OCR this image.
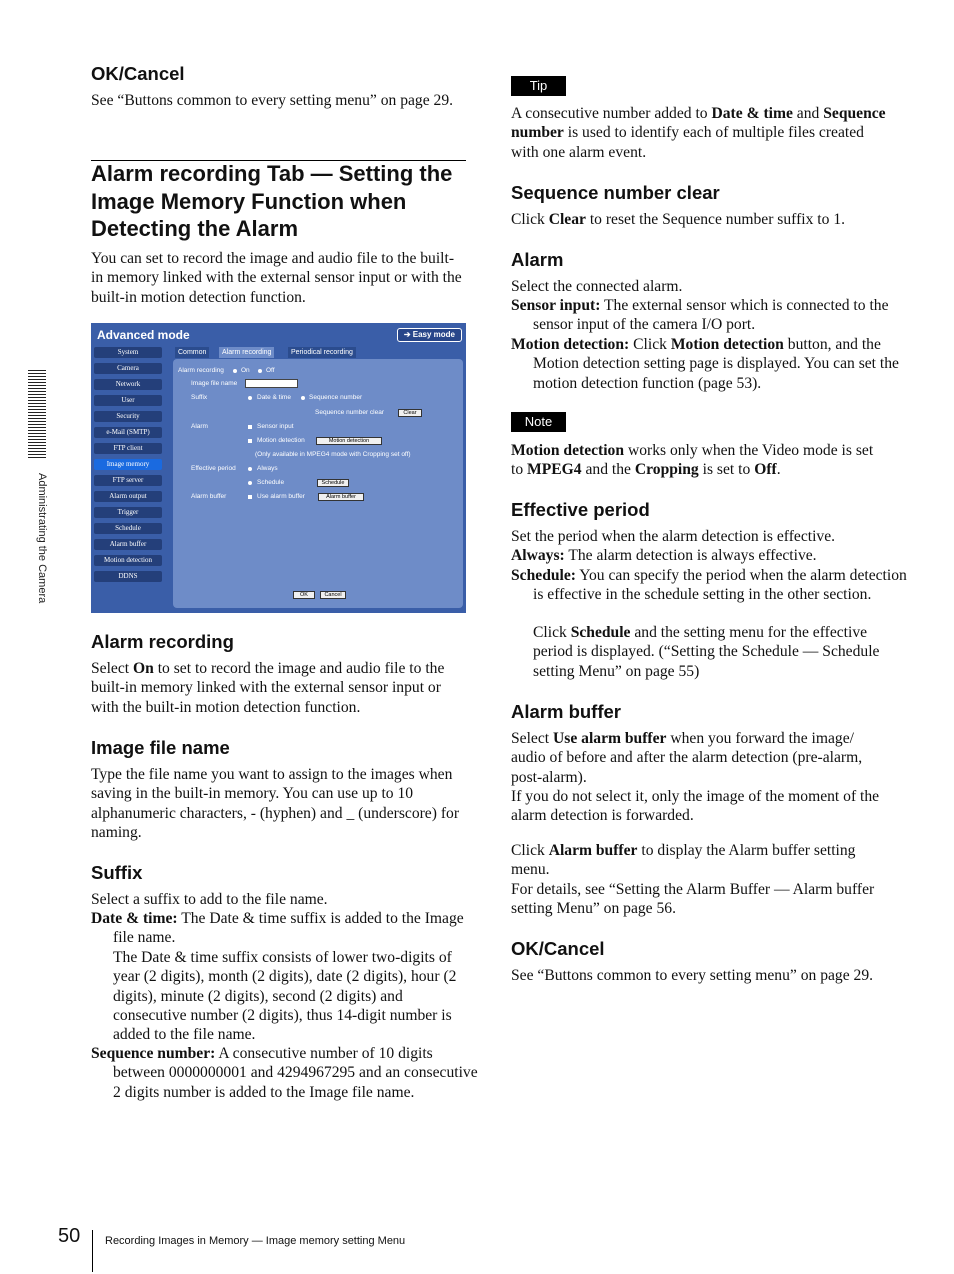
Administrating the Camera
OK/Cancel

See “Buttons common to every setting menu” on page 29.

Alarm recording Tab — Setting the Image Memory Function when Detecting the Alarm

You can set to record the image and audio file to the built-in memory linked with the external sensor input or with the built-in motion detection function.

Alarm recording

Select On to set to record the image and audio file to the built-in memory linked with the external sensor input or with the built-in motion detection function.

Image file name

Type the file name you want to assign to the images when saving in the built-in memory. You can use up to 10 alphanumeric characters, - (hyphen) and _ (underscore) for naming.

Suffix

Select a suffix to add to the file name.

Date & time: The Date & time suffix is added to the Image file name.

The Date & time suffix consists of lower two-digits of year (2 digits), month (2 digits), date (2 digits), hour (2 digits), minute (2 digits), second (2 digits) and consecutive number (2 digits), thus 14-digit number is added to the file name.

Sequence number: A consecutive number of 10 digits between 0000000001 and 4294967295 and an consecutive 2 digits number is added to the Image file name.

Advanced mode	➔ Easy mode
System
Camera
Network
User
Security
e-Mail (SMTP)
FTP client
Image memory
FTP server
Alarm output
Trigger
Schedule
Alarm buffer
Motion detection
DDNS
Common	Alarm recording	Periodical recording
Alarm recording	On	Off
Image file name
Suffix	Date & time	Sequence number
Sequence number clear	Clear
Alarm	Sensor input
Motion detection	Motion detection
(Only available in MPEG4 mode with Cropping set off)
Effective period	Always
Schedule	Schedule
Alarm buffer	Use alarm buffer	Alarm buffer
OK	Cancel
Tip

A consecutive number added to Date & time and Sequence number is used to identify each of multiple files created with one alarm event.

Sequence number clear

Click Clear to reset the Sequence number suffix to 1.

Alarm

Select the connected alarm.

Sensor input: The external sensor which is connected to the sensor input of the camera I/O port.

Motion detection: Click Motion detection button, and the Motion detection setting page is displayed. You can set the motion detection function (page 53).

Note

Motion detection works only when the Video mode is set to MPEG4 and the Cropping is set to Off.

Effective period

Set the period when the alarm detection is effective.

Always: The alarm detection is always effective.

Schedule: You can specify the period when the alarm detection is effective in the schedule setting in the other section.

Click Schedule and the setting menu for the effective period is displayed. (“Setting the Schedule — Schedule setting Menu” on page 55)

Alarm buffer

Select Use alarm buffer when you forward the image/ audio of before and after the alarm detection (pre-alarm, post-alarm).

If you do not select it, only the image of the moment of the alarm detection is forwarded.

Click Alarm buffer to display the Alarm buffer setting menu.

For details, see “Setting the Alarm Buffer — Alarm buffer setting Menu” on page 56.

OK/Cancel

See “Buttons common to every setting menu” on page 29.

50 Recording Images in Memory — Image memory setting Menu
